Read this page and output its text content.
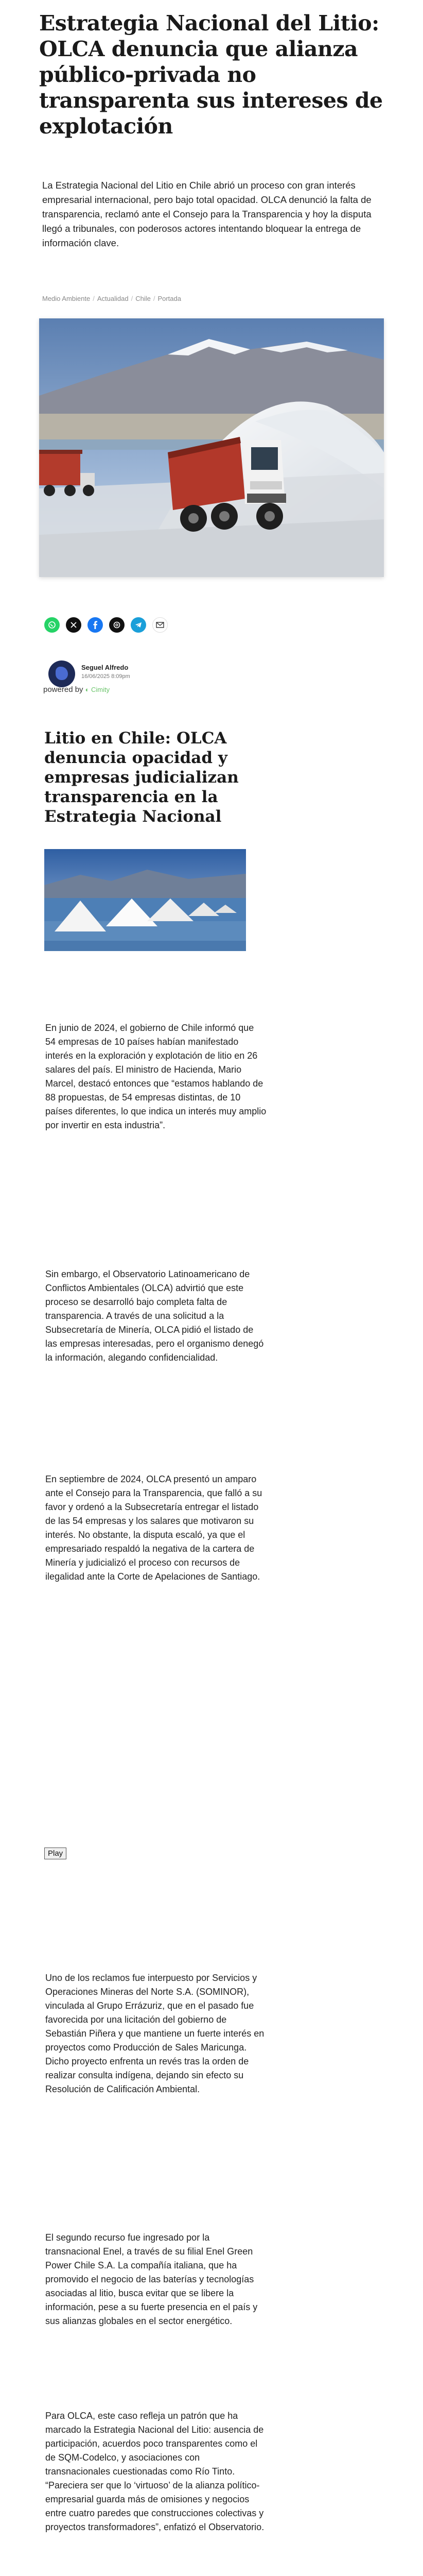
Estrategia Nacional del Litio: OLCA denuncia que alianza público-privada no transparenta sus intereses de explotación

La Estrategia Nacional del Litio en Chile abrió un proceso con gran interés empresarial internacional, pero bajo total opacidad. OLCA denunció la falta de transparencia, reclamó ante el Consejo para la Transparencia y hoy la disputa llegó a tribunales, con poderosos actores intentando bloquear la entrega de información clave.

Medio Ambiente / Actualidad / Chile / Portada
Seguel Alfredo
16/06/2025 8:09pm
powered by ◐ Cimity
Litio en Chile: OLCA denuncia opacidad y empresas judicializan transparencia en la Estrategia Nacional

En junio de 2024, el gobierno de Chile informó que 54 empresas de 10 países habían manifestado interés en la exploración y explotación de litio en 26 salares del país. El ministro de Hacienda, Mario Marcel, destacó entonces que “estamos hablando de 88 propuestas, de 54 empresas distintas, de 10 países diferentes, lo que indica un interés muy amplio por invertir en esta industria”.

Sin embargo, el Observatorio Latinoamericano de Conflictos Ambientales (OLCA) advirtió que este proceso se desarrolló bajo completa falta de transparencia. A través de una solicitud a la Subsecretaría de Minería, OLCA pidió el listado de las empresas interesadas, pero el organismo denegó la información, alegando confidencialidad.

En septiembre de 2024, OLCA presentó un amparo ante el Consejo para la Transparencia, que falló a su favor y ordenó a la Subsecretaría entregar el listado de las 54 empresas y los salares que motivaron su interés. No obstante, la disputa escaló, ya que el empresariado respaldó la negativa de la cartera de Minería y judicializó el proceso con recursos de ilegalidad ante la Corte de Apelaciones de Santiago.

Play

Uno de los reclamos fue interpuesto por Servicios y Operaciones Mineras del Norte S.A. (SOMINOR), vinculada al Grupo Errázuriz, que en el pasado fue favorecida por una licitación del gobierno de Sebastián Piñera y que mantiene un fuerte interés en proyectos como Producción de Sales Maricunga. Dicho proyecto enfrenta un revés tras la orden de realizar consulta indígena, dejando sin efecto su Resolución de Calificación Ambiental.

El segundo recurso fue ingresado por la transnacional Enel, a través de su filial Enel Green Power Chile S.A. La compañía italiana, que ha promovido el negocio de las baterías y tecnologías asociadas al litio, busca evitar que se libere la información, pese a su fuerte presencia en el país y sus alianzas globales en el sector energético.

Para OLCA, este caso refleja un patrón que ha marcado la Estrategia Nacional del Litio: ausencia de participación, acuerdos poco transparentes como el de SQM-Codelco, y asociaciones con transnacionales cuestionadas como Río Tinto. “Pareciera ser que lo ‘virtuoso’ de la alianza político-empresarial guarda más de omisiones y negocios entre cuatro paredes que construcciones colectivas y proyectos transformadores”, enfatizó el Observatorio.
